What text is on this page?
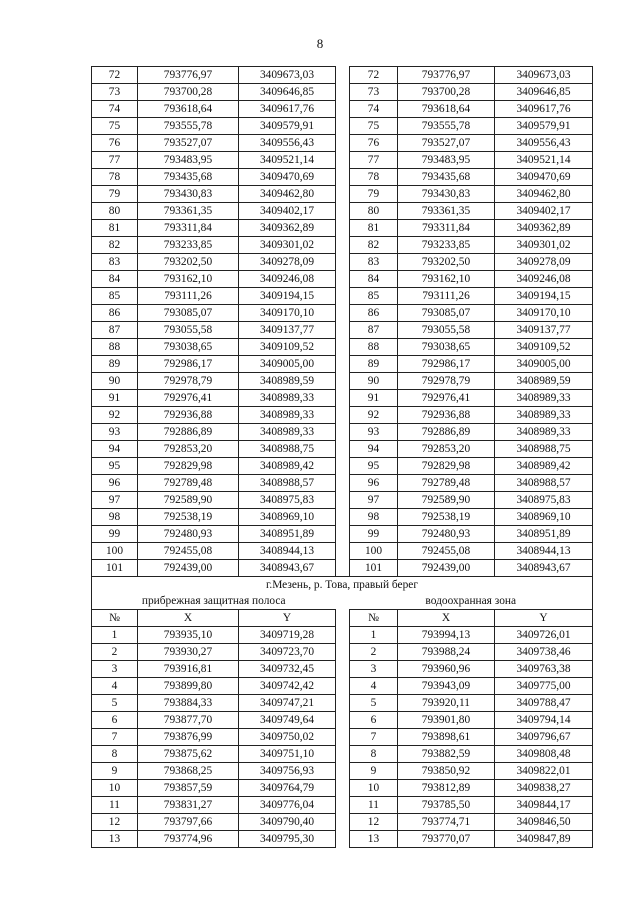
8
72	793776,97	3409673,03		72	793776,97	3409673,03
73	793700,28	3409646,85		73	793700,28	3409646,85
74	793618,64	3409617,76		74	793618,64	3409617,76
75	793555,78	3409579,91		75	793555,78	3409579,91
76	793527,07	3409556,43		76	793527,07	3409556,43
77	793483,95	3409521,14		77	793483,95	3409521,14
78	793435,68	3409470,69		78	793435,68	3409470,69
79	793430,83	3409462,80		79	793430,83	3409462,80
80	793361,35	3409402,17		80	793361,35	3409402,17
81	793311,84	3409362,89		81	793311,84	3409362,89
82	793233,85	3409301,02		82	793233,85	3409301,02
83	793202,50	3409278,09		83	793202,50	3409278,09
84	793162,10	3409246,08		84	793162,10	3409246,08
85	793111,26	3409194,15		85	793111,26	3409194,15
86	793085,07	3409170,10		86	793085,07	3409170,10
87	793055,58	3409137,77		87	793055,58	3409137,77
88	793038,65	3409109,52		88	793038,65	3409109,52
89	792986,17	3409005,00		89	792986,17	3409005,00
90	792978,79	3408989,59		90	792978,79	3408989,59
91	792976,41	3408989,33		91	792976,41	3408989,33
92	792936,88	3408989,33		92	792936,88	3408989,33
93	792886,89	3408989,33		93	792886,89	3408989,33
94	792853,20	3408988,75		94	792853,20	3408988,75
95	792829,98	3408989,42		95	792829,98	3408989,42
96	792789,48	3408988,57		96	792789,48	3408988,57
97	792589,90	3408975,83		97	792589,90	3408975,83
98	792538,19	3408969,10		98	792538,19	3408969,10
99	792480,93	3408951,89		99	792480,93	3408951,89
100	792455,08	3408944,13		100	792455,08	3408944,13
101	792439,00	3408943,67		101	792439,00	3408943,67
г.Мезень, р. Това, правый берег						
прибрежная защитная полоса				водоохранная зона		
№	X	Y		№	X	Y
1	793935,10	3409719,28		1	793994,13	3409726,01
2	793930,27	3409723,70		2	793988,24	3409738,46
3	793916,81	3409732,45		3	793960,96	3409763,38
4	793899,80	3409742,42		4	793943,09	3409775,00
5	793884,33	3409747,21		5	793920,11	3409788,47
6	793877,70	3409749,64		6	793901,80	3409794,14
7	793876,99	3409750,02		7	793898,61	3409796,67
8	793875,62	3409751,10		8	793882,59	3409808,48
9	793868,25	3409756,93		9	793850,92	3409822,01
10	793857,59	3409764,79		10	793812,89	3409838,27
11	793831,27	3409776,04		11	793785,50	3409844,17
12	793797,66	3409790,40		12	793774,71	3409846,50
13	793774,96	3409795,30		13	793770,07	3409847,89
